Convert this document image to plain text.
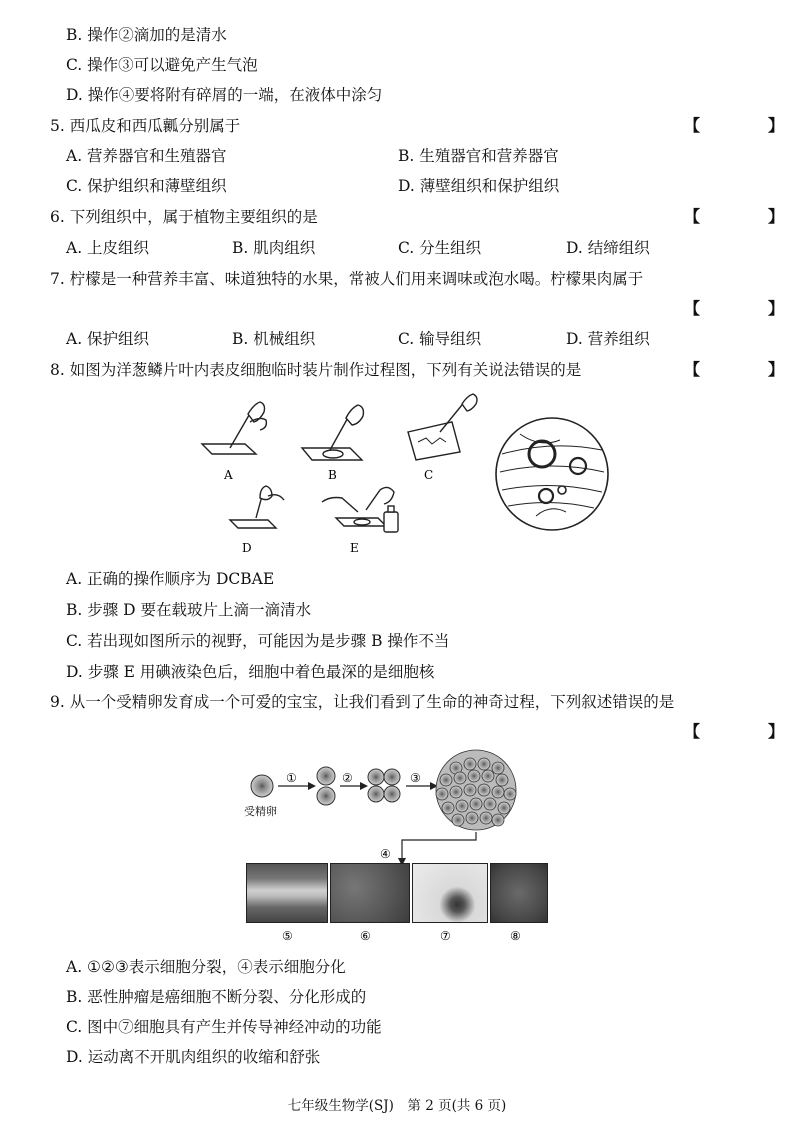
B. 操作②滴加的是清水
C. 操作③可以避免产生气泡
D. 操作④要将附有碎屑的一端，在液体中涂匀
5. 西瓜皮和西瓜瓤分别属于	【　】
A. 营养器官和生殖器官	B. 生殖器官和营养器官
C. 保护组织和薄壁组织	D. 薄壁组织和保护组织
6. 下列组织中，属于植物主要组织的是	【　】
A. 上皮组织	B. 肌肉组织	C. 分生组织	D. 结缔组织
7. 柠檬是一种营养丰富、味道独特的水果，常被人们用来调味或泡水喝。柠檬果肉属于
【　】
A. 保护组织	B. 机械组织	C. 输导组织	D. 营养组织
8. 如图为洋葱鳞片叶内表皮细胞临时装片制作过程图，下列有关说法错误的是	【　】
A	B	C
D	E
A. 正确的操作顺序为 DCBAE
B. 步骤 D 要在载玻片上滴一滴清水
C. 若出现如图所示的视野，可能因为是步骤 B 操作不当
D. 步骤 E 用碘液染色后，细胞中着色最深的是细胞核
9. 从一个受精卵发育成一个可爱的宝宝，让我们看到了生命的神奇过程，下列叙述错误的是
【　】
受精卵
①	②	③
④
⑤	⑥	⑦	⑧
A. ①②③表示细胞分裂，④表示细胞分化
B. 恶性肿瘤是癌细胞不断分裂、分化形成的
C. 图中⑦细胞具有产生并传导神经冲动的功能
D. 运动离不开肌肉组织的收缩和舒张
七年级生物学(SJ)　第 2 页(共 6 页)
